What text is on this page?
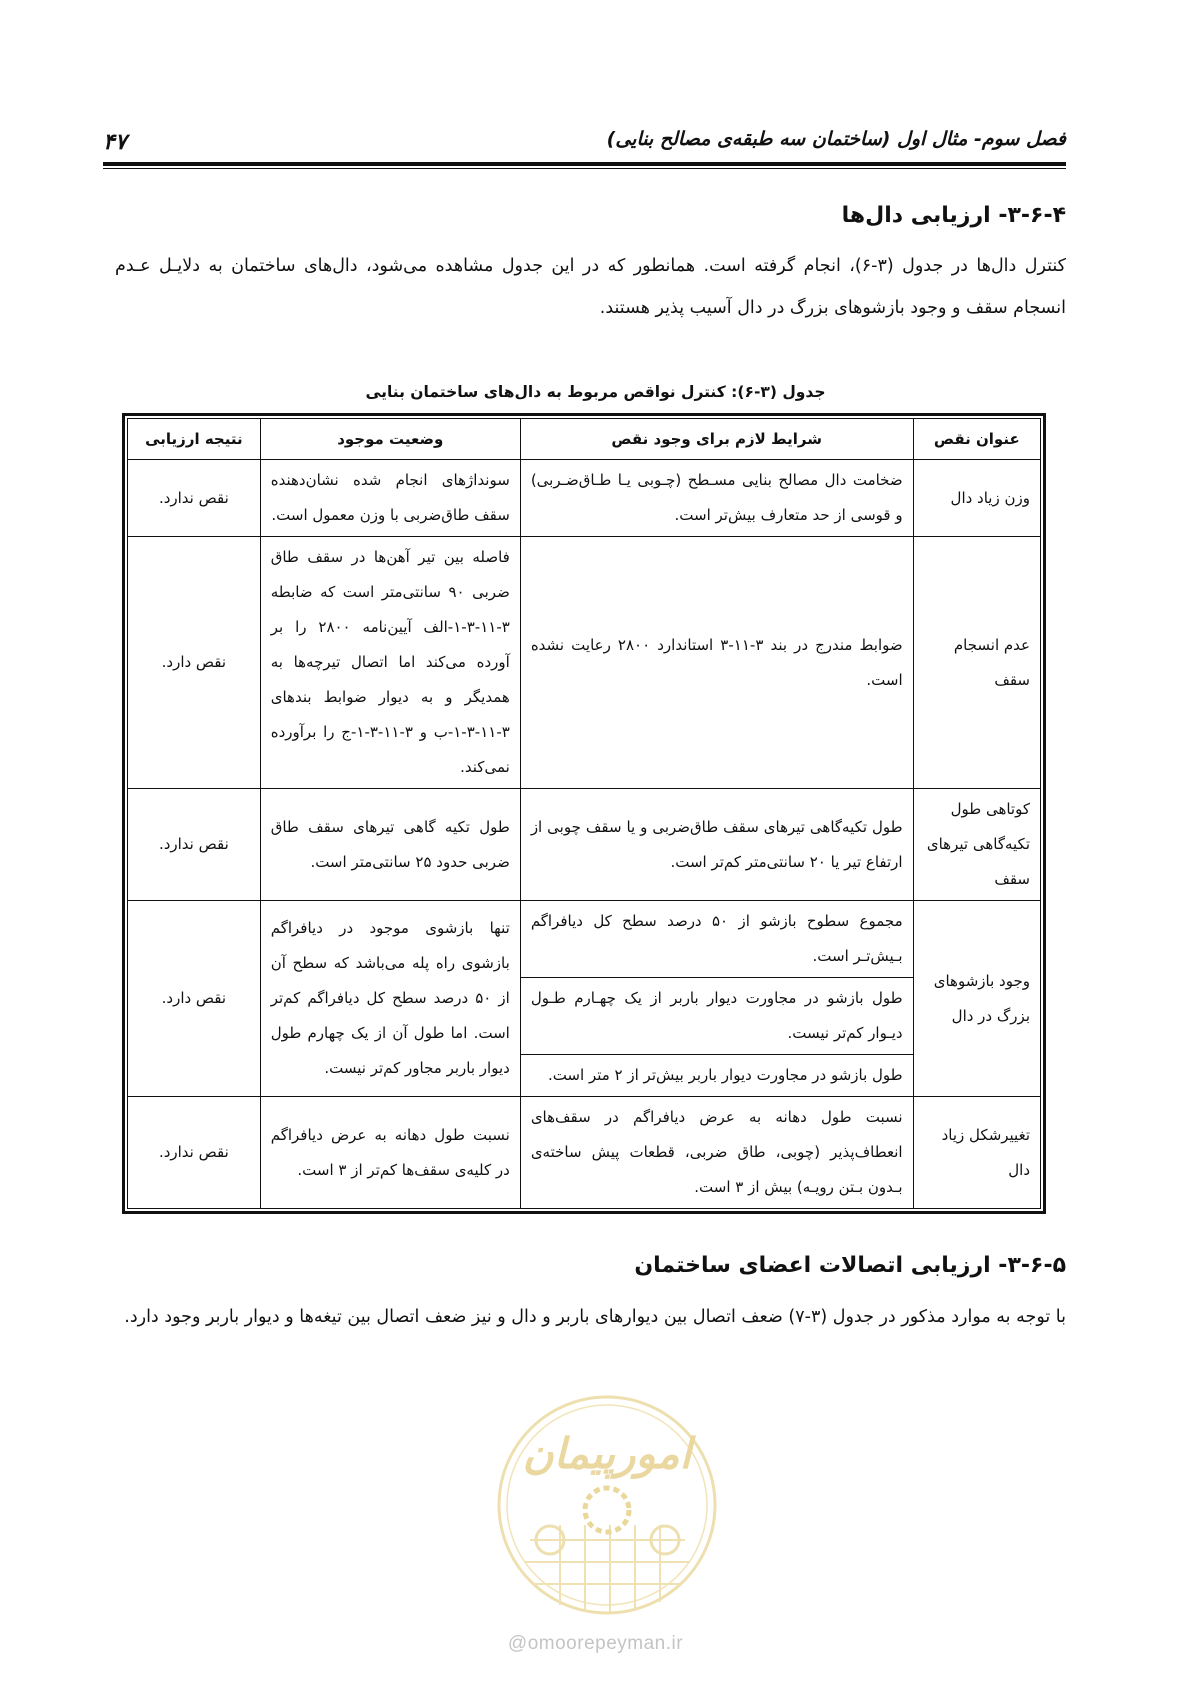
فصل سوم- مثال اول (ساختمان سه طبقه‌ی مصالح بنایی)
۴۷
۳-۶-۴- ارزیابی دال‌ها
کنترل دال‌ها در جدول (۳-۶)، انجام گرفته است. همانطور که در این جدول مشاهده می‌شود، دال‌های ساختمان به دلایـل عـدم انسجام سقف و وجود بازشوهای بزرگ در دال آسیب پذیر هستند.
جدول (۳-۶): کنترل نواقص مربوط به دال‌های ساختمان بنایی
عنوان نقص	شرایط لازم برای وجود نقص	وضعیت موجود	نتیجه ارزیابی
وزن زیاد دال	ضخامت دال مصالح بنایی مسـطح (چـوبی یـا طـاق‌ضـربی) و قوسی از حد متعارف بیش‌تر است.	سونداژهای انجام شده نشان‌دهنده سقف طاق‌ضربی با وزن معمول است.	نقص ندارد.
عدم انسجام سقف	ضوابط مندرج در بند ۳-۱۱-۳ استاندارد ۲۸۰۰ رعایت نشده است.	فاصله بین تیر آهن‌ها در سقف طاق ضربی ۹۰ سانتی‌متر است که ضابطه ۳-۱۱-۳-۱-الف آیین‌نامه ۲۸۰۰ را بر آورده می‌کند اما اتصال تیرچه‌ها به همدیگر و به دیوار ضوابط بندهای ۳-۱۱-۳-۱-ب و ۳-۱۱-۳-۱-ج را برآورده نمی‌کند.	نقص دارد.
کوتاهی طول تکیه‌گاهی تیرهای سقف	طول تکیه‌گاهی تیرهای سقف طاق‌ضربی و یا سقف چوبی از ارتفاع تیر یا ۲۰ سانتی‌متر کم‌تر است.	طول تکیه گاهی تیرهای سقف طاق ضربی حدود ۲۵ سانتی‌متر است.	نقص ندارد.
وجود بازشوهای بزرگ در دال	مجموع سطوح بازشو از ۵۰ درصد سطح کل دیافراگم بـیش‌تـر است.	تنها بازشوی موجود در دیافراگم بازشوی راه پله می‌باشد که سطح آن از ۵۰ درصد سطح کل دیافراگم کم‌تر است. اما طول آن از یک چهارم طول دیوار باربر مجاور کم‌تر نیست.	نقص دارد.
	طول بازشو در مجاورت دیوار باربر از یک چهـارم طـول دیـوار کم‌تر نیست.		
	طول بازشو در مجاورت دیوار باربر بیش‌تر از ۲ متر است.		
تغییرشکل زیاد دال	نسبت طول دهانه به عرض دیافراگم در سقف‌های انعطاف‌پذیر (چوبی، طاق ضربی، قطعات پیش ساخته‌ی بـدون بـتن رویـه) بیش از ۳ است.	نسبت طول دهانه به عرض دیافراگم در کلیه‌ی سقف‌ها کم‌تر از ۳ است.	نقص ندارد.
۳-۶-۵- ارزیابی اتصالات اعضای ساختمان
با توجه به موارد مذکور در جدول (۳-۷) ضعف اتصال بین دیوارهای باربر و دال و نیز ضعف اتصال بین تیغه‌ها و دیوار باربر وجود دارد.
امورپیمان
@omoorepeyman.ir
